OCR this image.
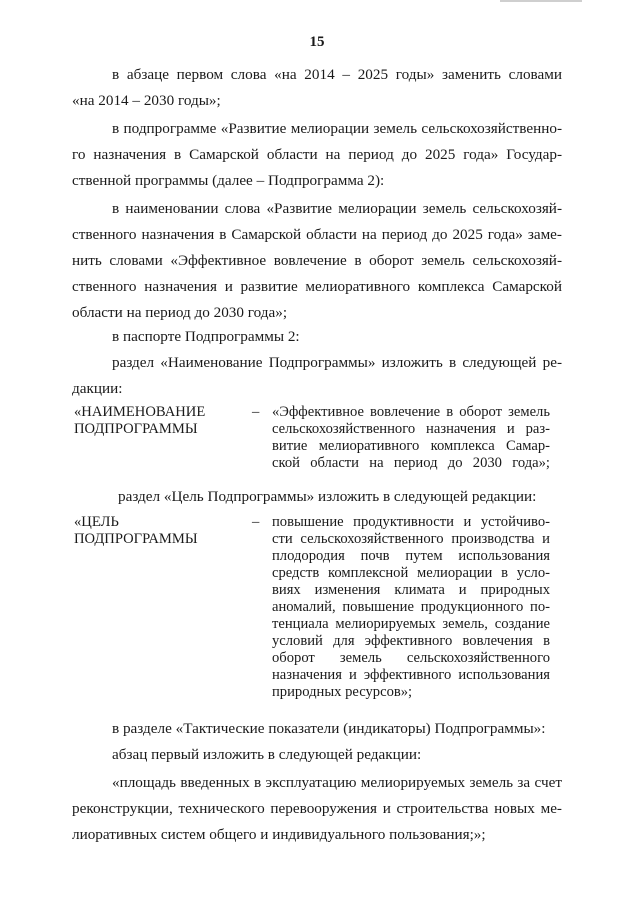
15
в абзаце первом слова «на 2014 – 2025 годы» заменить словами
«на 2014 – 2030 годы»;
в подпрограмме «Развитие мелиорации земель сельскохозяйственно-
го назначения в Самарской области на период до 2025 года» Государ-
ственной программы (далее – Подпрограмма 2):
в наименовании слова «Развитие мелиорации земель сельскохозяй-
ственного назначения в Самарской области на период до 2025 года» заме-
нить словами «Эффективное вовлечение в оборот земель сельскохозяй-
ственного назначения и развитие мелиоративного комплекса Самарской
области на период до 2030 года»;
в паспорте Подпрограммы 2:
раздел «Наименование Подпрограммы» изложить в следующей ре-
дакции:
«НАИМЕНОВАНИЕ
ПОДПРОГРАММЫ
– «Эффективное вовлечение в оборот земель
сельскохозяйственного назначения и раз-
витие мелиоративного комплекса Самар-
ской области на период до 2030 года»;
раздел «Цель Подпрограммы» изложить в следующей редакции:
«ЦЕЛЬ
ПОДПРОГРАММЫ
– повышение продуктивности и устойчиво-
сти сельскохозяйственного производства и
плодородия почв путем использования
средств комплексной мелиорации в усло-
виях изменения климата и природных
аномалий, повышение продукционного по-
тенциала мелиорируемых земель, создание
условий для эффективного вовлечения в
оборот земель сельскохозяйственного
назначения и эффективного использования
природных ресурсов»;
в разделе «Тактические показатели (индикаторы) Подпрограммы»:
абзац первый изложить в следующей редакции:
«площадь введенных в эксплуатацию мелиорируемых земель за счет
реконструкции, технического перевооружения и строительства новых ме-
лиоративных систем общего и индивидуального пользования;»;
